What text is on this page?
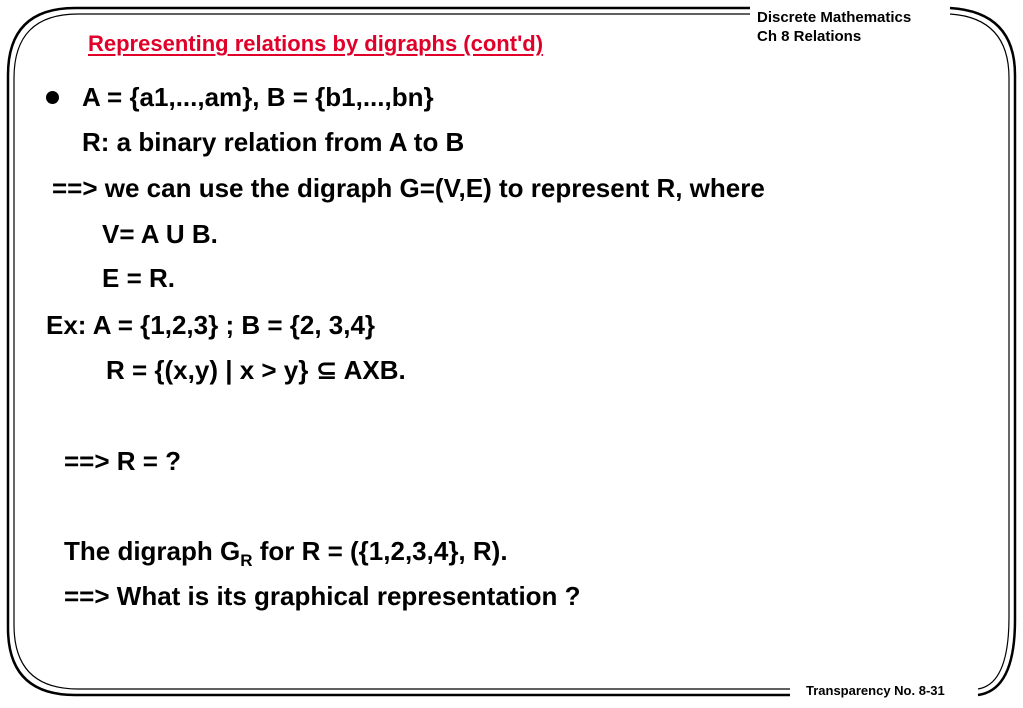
Discrete Mathematics
Ch 8 Relations
Representing relations by digraphs (cont'd)
A = {a1,...,am}, B = {b1,...,bn}
R: a binary relation from A to B
==> we can use the digraph G=(V,E) to represent R, where
V= A U B.
E = R.
Ex: A = {1,2,3} ; B = {2, 3,4}
R = {(x,y) | x > y} ⊆ AXB.
==> R = ?
The digraph $G_R$ for R = ({1,2,3,4}, R).
==> What is its graphical representation ?
Transparency No. 8-31
